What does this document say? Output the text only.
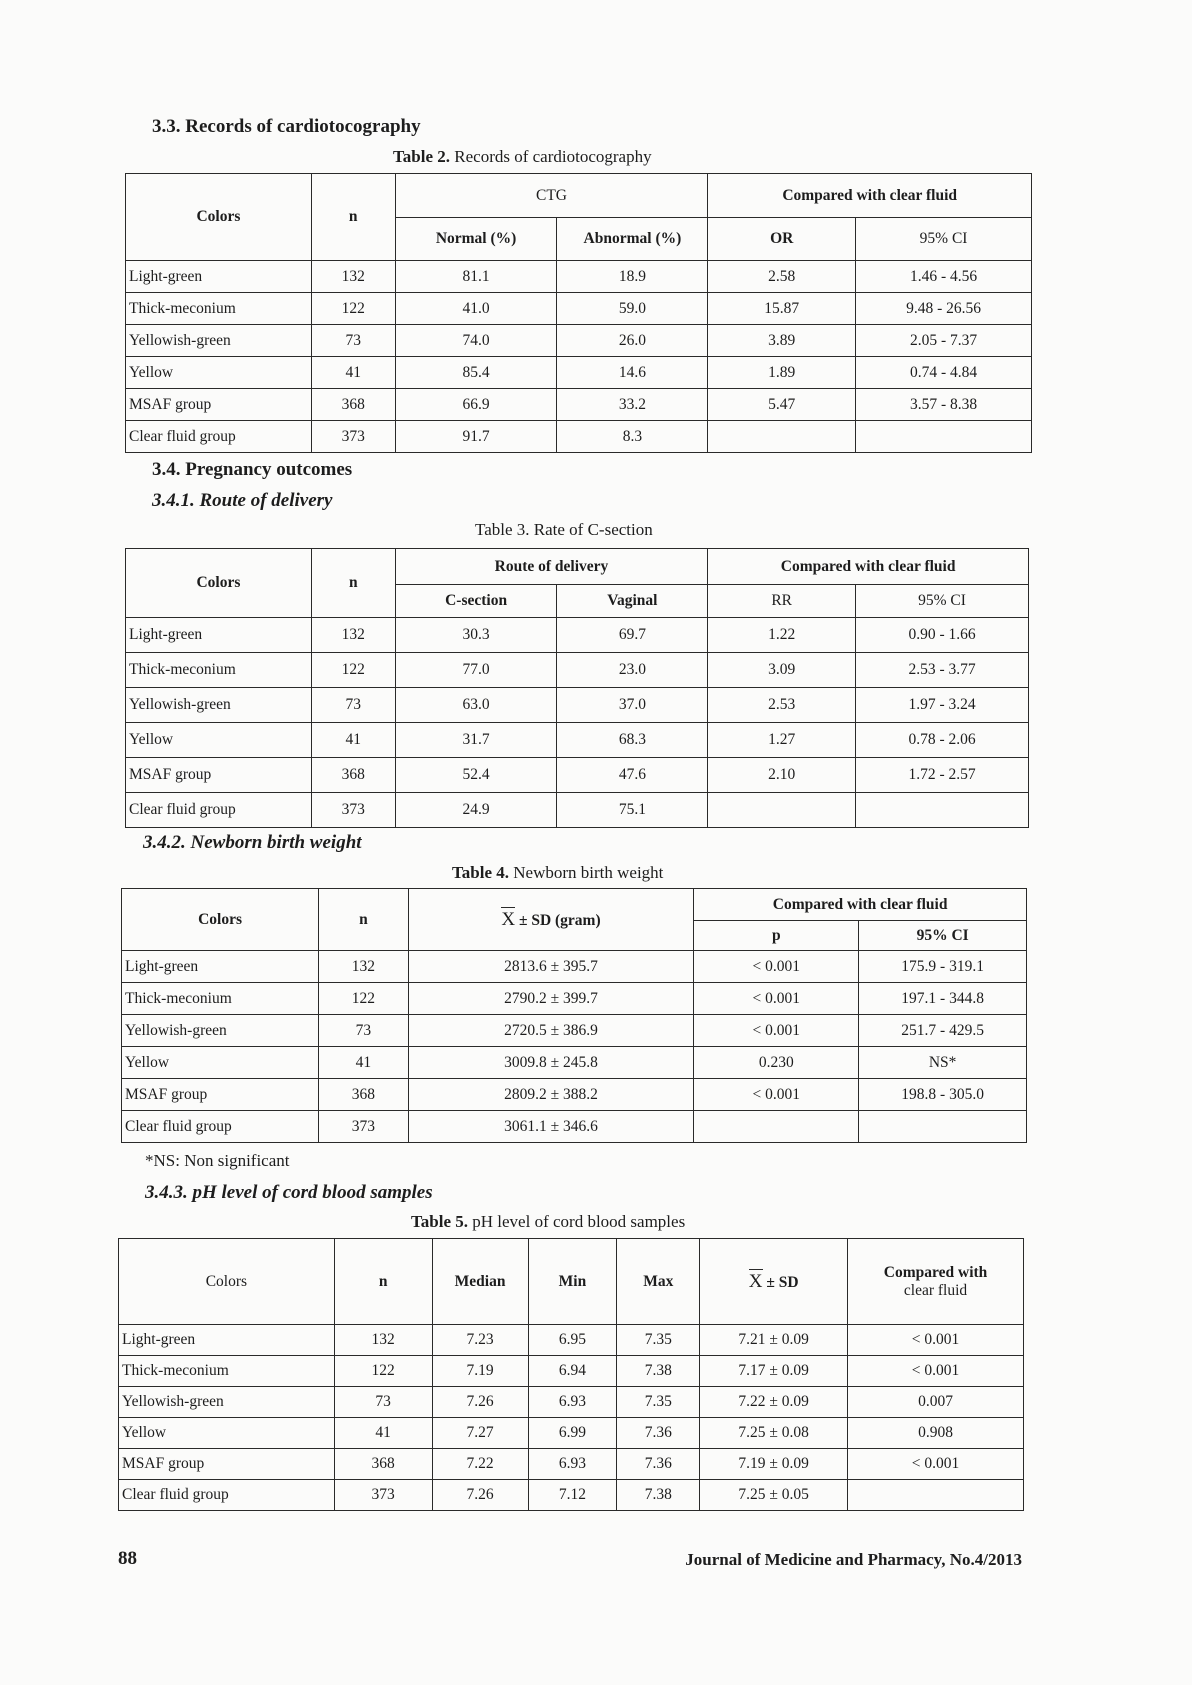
3.3. Records of cardiotocography
Table 2. Records of cardiotocography
Colors	n	CTG		Compared with clear fluid	
		Normal (%)	Abnormal (%)	OR	95% CI
Light-green	132	81.1	18.9	2.58	1.46 - 4.56
Thick-meconium	122	41.0	59.0	15.87	9.48 - 26.56
Yellowish-green	73	74.0	26.0	3.89	2.05 - 7.37
Yellow	41	85.4	14.6	1.89	0.74 - 4.84
MSAF group	368	66.9	33.2	5.47	3.57 - 8.38
Clear fluid group	373	91.7	8.3		
3.4. Pregnancy outcomes
3.4.1. Route of delivery
Table 3. Rate of C-section
Colors	n	Route of delivery		Compared with clear fluid	
		C-section	Vaginal	RR	95% CI
Light-green	132	30.3	69.7	1.22	0.90 - 1.66
Thick-meconium	122	77.0	23.0	3.09	2.53 - 3.77
Yellowish-green	73	63.0	37.0	2.53	1.97 - 3.24
Yellow	41	31.7	68.3	1.27	0.78 - 2.06
MSAF group	368	52.4	47.6	2.10	1.72 - 2.57
Clear fluid group	373	24.9	75.1		
3.4.2. Newborn birth weight
Table 4. Newborn birth weight
Colors	n	X ± SD (gram)	Compared with clear fluid	
			p	95% CI
Light-green	132	2813.6 ± 395.7	< 0.001	175.9 - 319.1
Thick-meconium	122	2790.2 ± 399.7	< 0.001	197.1 - 344.8
Yellowish-green	73	2720.5 ± 386.9	< 0.001	251.7 - 429.5
Yellow	41	3009.8 ± 245.8	0.230	NS*
MSAF group	368	2809.2 ± 388.2	< 0.001	198.8 - 305.0
Clear fluid group	373	3061.1 ± 346.6		
*NS: Non significant
3.4.3. pH level of cord blood samples
Table 5. pH level of cord blood samples
Colors	n	Median	Min	Max	X ± SD	Compared with
clear fluid

Light-green	132	7.23	6.95	7.35	7.21 ± 0.09	< 0.001
Thick-meconium	122	7.19	6.94	7.38	7.17 ± 0.09	< 0.001
Yellowish-green	73	7.26	6.93	7.35	7.22 ± 0.09	0.007
Yellow	41	7.27	6.99	7.36	7.25 ± 0.08	0.908
MSAF group	368	7.22	6.93	7.36	7.19 ± 0.09	< 0.001
Clear fluid group	373	7.26	7.12	7.38	7.25 ± 0.05	
88	Journal of Medicine and Pharmacy, No.4/2013
